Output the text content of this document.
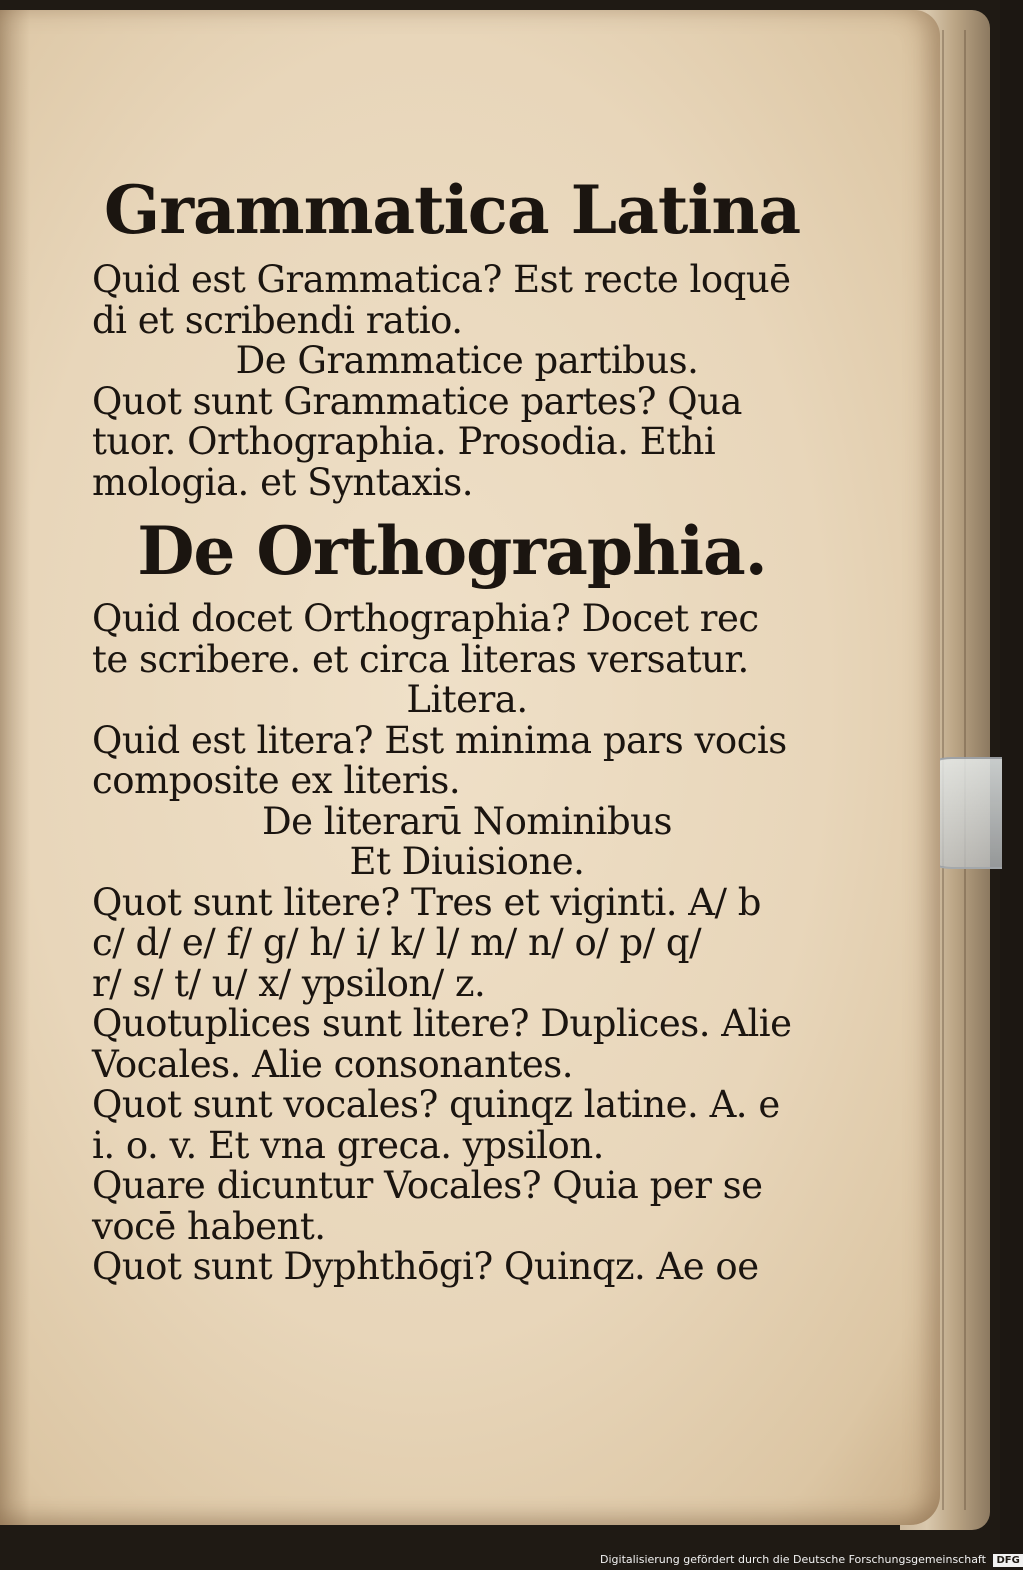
Grammatica Latina
Quid est Grammatica? Est recte loquē
di et scribendi ratio.
De Grammatice partibus.
Quot sunt Grammatice partes? Qua
tuor. Orthographia. Prosodia. Ethi
mologia. et Syntaxis.
De Orthographia.
Quid docet Orthographia? Docet rec
te scribere. et circa literas versatur.
Litera.
Quid est litera? Est minima pars vocis
composite ex literis.
De literarū Nominibus
Et Diuisione.
Quot sunt litere? Tres et viginti. A/ b
c/ d/ e/ f/ g/ h/ i/ k/ l/ m/ n/ o/ p/ q/
r/ s/ t/ u/ x/ ypsilon/ z.
Quotuplices sunt litere? Duplices. Alie
Vocales. Alie consonantes.
Quot sunt vocales? quinqz latine. A. e
i. o. v. Et vna greca. ypsilon.
Quare dicuntur Vocales? Quia per se
vocē habent.
Quot sunt Dyphthōgi? Quinqz. Ae oe
Digitalisierung gefördert durch die Deutsche Forschungsgemeinschaft DFG
